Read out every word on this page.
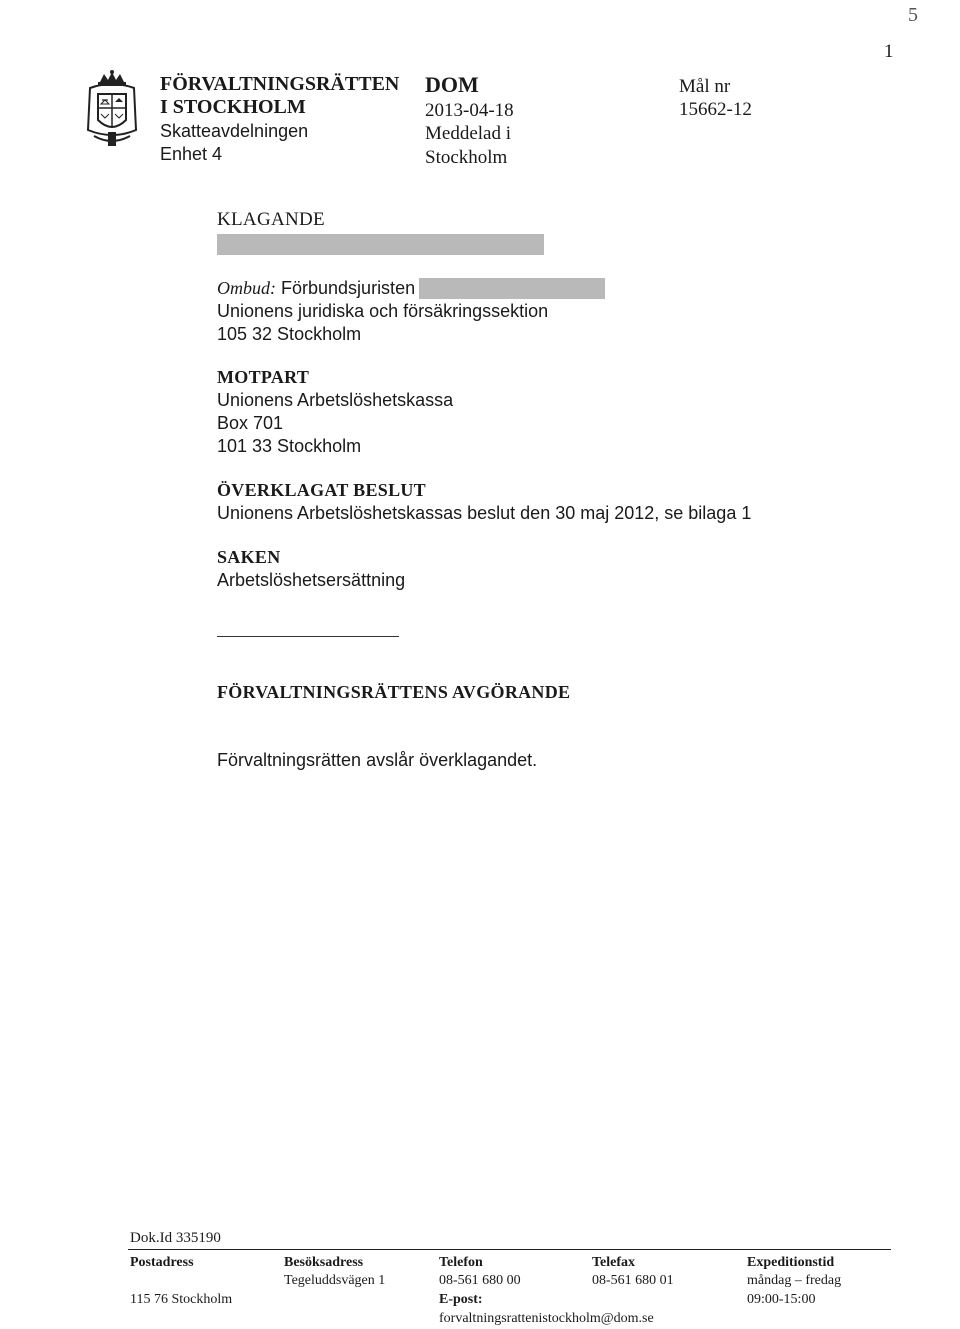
5
1
FÖRVALTNINGSRÄTTEN
I STOCKHOLM
Skatteavdelningen
Enhet 4
DOM
2013-04-18
Meddelad i
Stockholm
Mål nr
15662-12
KLAGANDE
Ombud: Förbundsjuristen
Unionens juridiska och försäkringssektion
105 32 Stockholm
MOTPART
Unionens Arbetslöshetskassa
Box 701
101 33 Stockholm
ÖVERKLAGAT BESLUT
Unionens Arbetslöshetskassas beslut den 30 maj 2012, se bilaga 1
SAKEN
Arbetslöshetsersättning
FÖRVALTNINGSRÄTTENS AVGÖRANDE
Förvaltningsrätten avslår överklagandet.
Dok.Id 335190
Postadress
115 76 Stockholm
Besöksadress
Tegeluddsvägen 1
Telefon
08-561 680 00
E-post:
forvaltningsrattenistockholm@dom.se
Telefax
08-561 680 01
Expeditionstid
måndag – fredag
09:00-15:00
